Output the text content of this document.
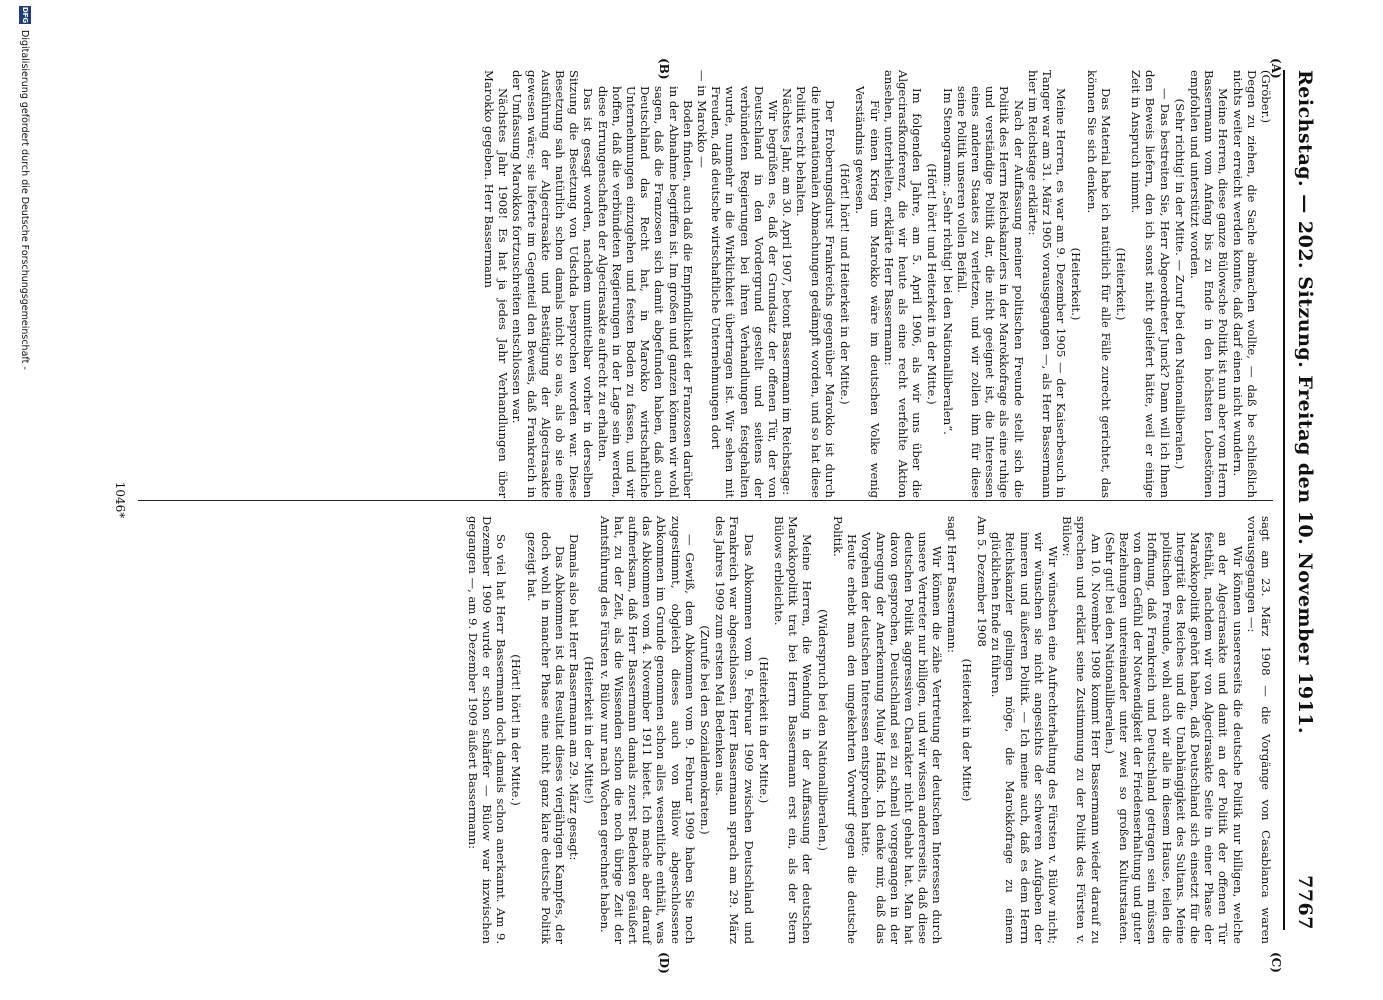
Reichstag. — 202. Sitzung. Freitag den 10. November 1911.
7767
(A)
(B)
(C)
(D)

(Gröber.)

Degen zu ziehen, die Sache abmachen wollte, — daß be schließlich nichts weiter erreicht werden konnte, daß darf einen nicht wundern.

Meine Herren, diese ganze Bülowsche Politik ist nun aber vom Herrn Bassermann vom Anfang bis zu Ende in den höchsten Lobestönen empfohlen und unterstützt worden.

(Sehr richtig! in der Mitte. — Zuruf bei den Nationalliberalen.)

— Das bestreiten Sie, Herr Abgeordneter Junck? Dann will ich Ihnen den Beweis liefern, den ich sonst nicht geliefert hätte, weil er einige Zeit in Anspruch nimmt.

(Heiterkeit.)

Das Material habe ich natürlich für alle Fälle zurecht gerichtet, das können Sie sich denken.

(Heiterkeit.)

Meine Herren, es war am 9. Dezember 1905 — der Kaiserbesuch in Tanger war am 31. März 1905 vorausgegangen —, als Herr Bassermann hier im Reichstage erklärte:

Nach der Auffassung meiner politischen Freunde stellt sich die Politik des Herrn Reichskanzlers in der Marokkofrage als eine ruhige und verständige Politik dar, die nicht geeignet ist, die Interessen eines anderen Staates zu verletzen, und wir zollen ihm für diese seine Politik unseren vollen Beifall.

Im Stenogramm: „Sehr richtig! bei den Nationalliberalen“.

(Hört! hört! und Heiterkeit in der Mitte.)

Im folgenden Jahre, am 5. April 1906, als wir uns über die Algecirasfkonferenz, die wir heute als eine recht verfehlte Aktion ansehen, unterhielten, erklärte Herr Bassermann:

Für einen Krieg um Marokko wäre im deutschen Volke wenig Verständnis gewesen.

(Hört! hört! und Heiterkeit in der Mitte.)

Der Eroberungsdurst Frankreichs gegenüber Marokko ist durch die internationalen Abmachungen gedämpft worden, und so hat diese Politik recht behalten.

Nächstes Jahr, am 30. April 1907, betont Bassermann im Reichstage:

Wir begrüßen es, daß der Grundsatz der offenen Tür, der von Deutschland in den Vordergrund gestellt und seitens der verbündeten Regierungen bei ihren Verhandlungen festgehalten wurde, nunmehr in die Wirklichkeit übertragen ist. Wir sehen mit Freuden, daß deutsche wirtschaftliche Unternehmungen dort

— in Marokko —

Boden finden, auch daß die Empfindlichkeit der Franzosen darüber in der Abnahme begriffen ist. Im großen und ganzen können wir wohl sagen, daß die Franzosen sich damit abgefunden haben, daß auch Deutschland das Recht hat, in Marokko wirtschaftliche Unternehmungen einzugehen und festen Boden zu fassen, und wir hoffen, daß die verbündeten Regierungen in der Lage sein werden, diese Errungenschaften der Algecirasakte aufrecht zu erhalten.

Das ist gesagt worden, nachdem unmittelbar vorher in derselben Sitzung die Besetzung von Udschda besprochen worden war. Diese Besetzung sah natürlich schon damals nicht so aus, als ob sie eine Ausführung der Algecirasakte und Bestätigung der Algecirasakte gewesen wäre; sie lieferte im Gegenteil den Beweis, daß Frankreich in der Umfassung Marokkos fortzuschreiten entschlossen war.

Nächstes Jahr 1908! Es hat ja jedes Jahr Verhandlungen über Marokko gegeben. Herr Bassermann

sagt am 23. März 1908 — die Vorgänge von Casablanca waren vorausgegangen —:

Wir können unsererseits die deutsche Politik nur billigen, welche an der Algecirasakte und damit an der Politik der offenen Tür festhält, nachdem wir von Algecirasakte Seite in einer Phase der Marokkopolitik gehört haben, daß Deutschland sich einsetzt für die Integrität des Reiches und die Unabhängigkeit des Sultans. Meine politischen Freunde, wohl auch wir alle in diesem Hause, teilen die Hoffnung, daß Frankreich und Deutschland getragen sein müssen von dem Gefühl der Notwendigkeit der Friedenserhaltung und guter Beziehungen untereinander unter zwei so großen Kulturstaaten. (Sehr gut! bei den Nationalliberalen.)

Am 10. November 1908 kommt Herr Bassermann wieder darauf zu sprechen und erklärt seine Zustimmung zu der Politik des Fürsten v. Bülow:

Wir wünschen eine Aufrechterhaltung des Fürsten v. Bülow nicht; wir wünschen sie nicht angesichts der schweren Aufgaben der inneren und äußeren Politik. — Ich meine auch, daß es dem Herrn Reichskanzler gelingen möge, die Marokkofrage zu einem glücklichen Ende zu führen.

Am 5. Dezember 1908

(Heiterkeit in der Mitte)

sagt Herr Bassermann:

Wir können die zähe Vertretung der deutschen Interessen durch unsere Vertreter nur billigen, und wir wissen andererseits, daß diese deutschen Politik aggressiven Charakter nicht gehabt hat. Man hat davon gesprochen, Deutschland sei zu schnell vorgegangen in der Anregung der Anerkennung Mulay Hafids. Ich denke mir, daß das Vorgehen der deutschen Interessen entsprochen hatte.

Heute erhebt man den umgekehrten Vorwurf gegen die deutsche Politik.

(Widerspruch bei den Nationalliberalen.)

Meine Herren, die Wendung in der Auffassung der deutschen Marokkopolitik trat bei Herrn Bassermann erst ein, als der Stern Bülows erbleichte.

(Heiterkeit in der Mitte.)

Das Abkommen vom 9. Februar 1909 zwischen Deutschland und Frankreich war abgeschlossen. Herr Bassermann sprach am 29. März des Jahres 1909 zum ersten Mal Bedenken aus.

(Zurufe bei den Sozialdemokraten.)

— Gewiß, dem Abkommen vom 9. Februar 1909 haben Sie noch zugestimmt, obgleich dieses auch von Bülow abgeschlossene Abkommen im Grunde genommen schon alles wesentliche enthält, was das Abkommen vom 4. November 1911 bietet. Ich mache aber darauf aufmerksam, daß Herr Bassermann damals zuerst Bedenken geäußert hat, zu der Zeit, als die Wissenden schon die noch übrige Zeit der Amtsführung des Fürsten v. Bülow nur nach Wochen gerechnet haben.

(Heiterkeit in der Mitte!)

Damals also hat Herr Bassermann am 29. März gesagt:

Das Abkommen ist das Resultat dieses vierjährigen Kampfes, der doch wohl in mancher Phase eine nicht ganz klare deutsche Politik gezeigt hat.

(Hört! hört! in der Mitte.)

So viel hat Herr Bassermann doch damals schon anerkannt. Am 9. Dezember 1909 wurde er schon schärfer — Bülow war inzwischen gegangen —, am 9. Dezember 1909 äußert Bassermann:

1046*
DFG
Digitalisierung gefördert durch die Deutsche Forschungsgemeinschaft -
